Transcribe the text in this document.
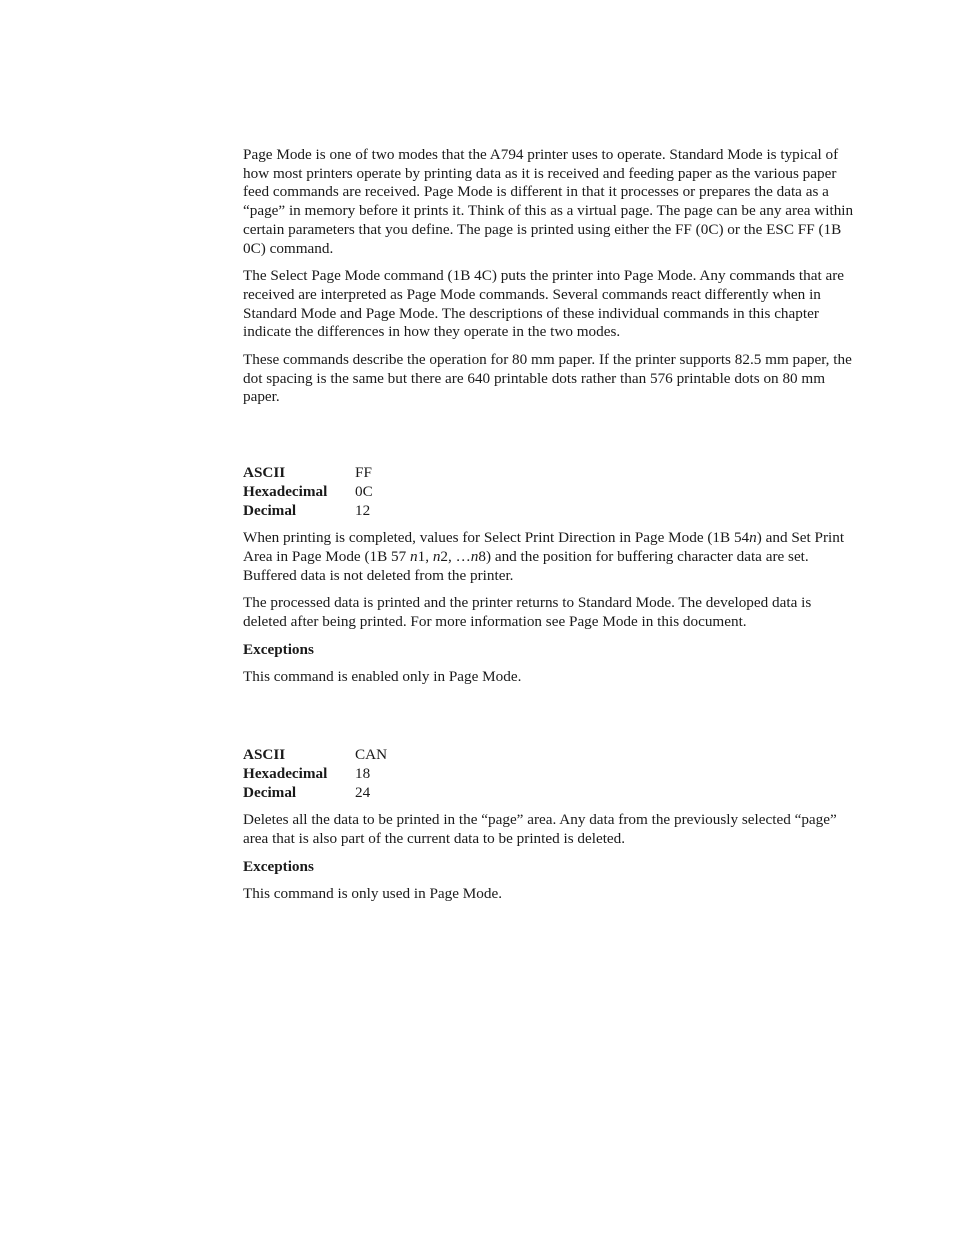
Page Mode is one of two modes that the A794 printer uses to operate. Standard Mode is typical of how most printers operate by printing data as it is received and feeding paper as the various paper feed commands are received. Page Mode is different in that it processes or prepares the data as a “page” in memory before it prints it. Think of this as a virtual page. The page can be any area within certain parameters that you define. The page is printed using either the FF (0C) or the ESC FF (1B 0C) command.

The Select Page Mode command (1B 4C) puts the printer into Page Mode. Any commands that are received are interpreted as Page Mode commands. Several commands react differently when in Standard Mode and Page Mode. The descriptions of these individual commands in this chapter indicate the differences in how they operate in the two modes.

These commands describe the operation for 80 mm paper. If the printer supports 82.5 mm paper, the dot spacing is the same but there are 640 printable dots rather than 576 printable dots on 80 mm paper.

ASCII	FF
Hexadecimal	0C
Decimal	12

When printing is completed, values for Select Print Direction in Page Mode (1B 54n) and Set Print Area in Page Mode (1B 57 n1, n2, …n8) and the position for buffering character data are set. Buffered data is not deleted from the printer.

The processed data is printed and the printer returns to Standard Mode. The developed data is deleted after being printed. For more information see Page Mode in this document.

Exceptions

This command is enabled only in Page Mode.

ASCII	CAN
Hexadecimal	18
Decimal	24

Deletes all the data to be printed in the “page” area. Any data from the previously selected “page” area that is also part of the current data to be printed is deleted.

Exceptions

This command is only used in Page Mode.
